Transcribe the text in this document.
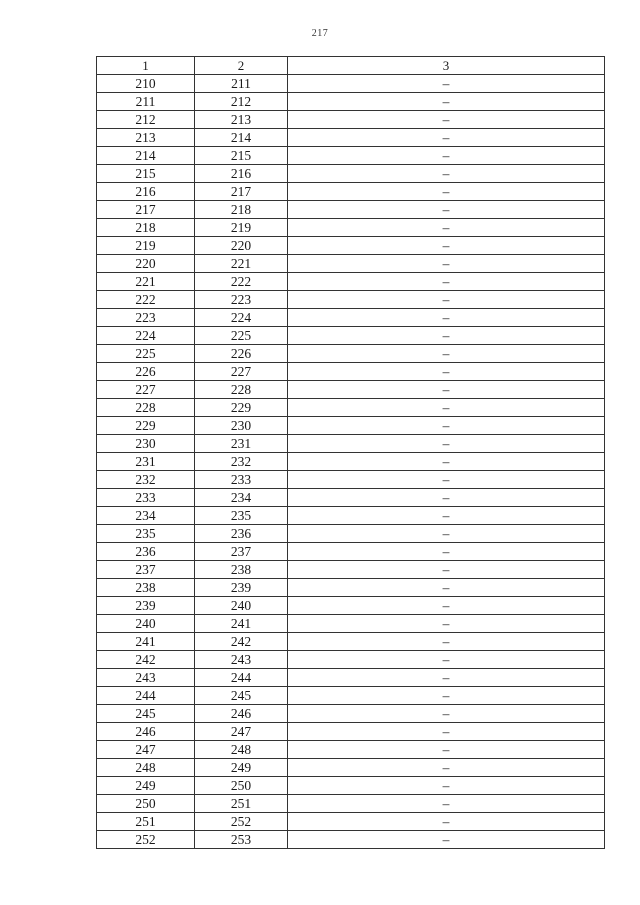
217
1	2	3
210	211	–
211	212	–
212	213	–
213	214	–
214	215	–
215	216	–
216	217	–
217	218	–
218	219	–
219	220	–
220	221	–
221	222	–
222	223	–
223	224	–
224	225	–
225	226	–
226	227	–
227	228	–
228	229	–
229	230	–
230	231	–
231	232	–
232	233	–
233	234	–
234	235	–
235	236	–
236	237	–
237	238	–
238	239	–
239	240	–
240	241	–
241	242	–
242	243	–
243	244	–
244	245	–
245	246	–
246	247	–
247	248	–
248	249	–
249	250	–
250	251	–
251	252	–
252	253	–
